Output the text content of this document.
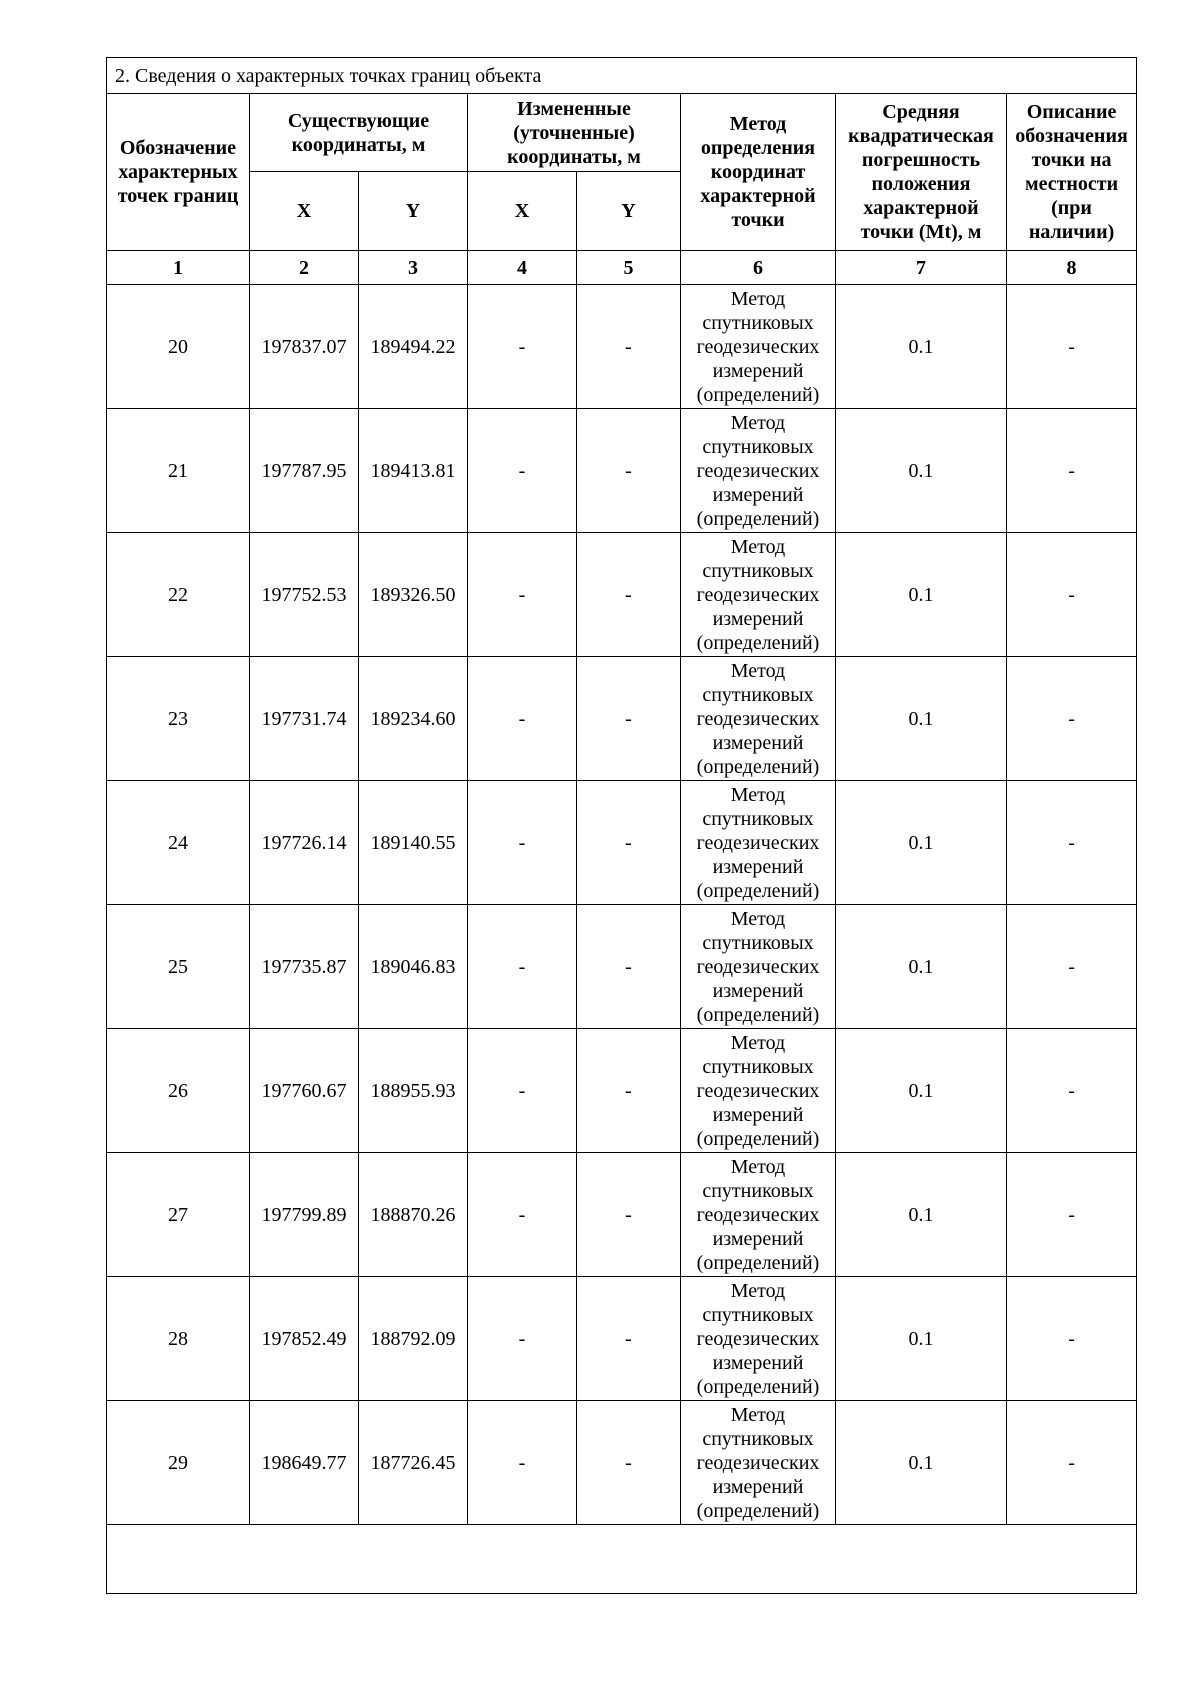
2. Сведения о характерных точках границ объекта							
Обозначение характерных точек границ	Существующие координаты, м		Измененные (уточненные) координаты, м		Метод определения координат характерной точки	Средняя квадратическая погрешность положения характерной точки (Mt), м	Описание обозначения точки на местности (при наличии)
	X	Y	X	Y			
1	2	3	4	5	6	7	8
20	197837.07	189494.22	-	-	Метод спутниковых геодезических измерений (определений)	0.1	-
21	197787.95	189413.81	-	-	Метод спутниковых геодезических измерений (определений)	0.1	-
22	197752.53	189326.50	-	-	Метод спутниковых геодезических измерений (определений)	0.1	-
23	197731.74	189234.60	-	-	Метод спутниковых геодезических измерений (определений)	0.1	-
24	197726.14	189140.55	-	-	Метод спутниковых геодезических измерений (определений)	0.1	-
25	197735.87	189046.83	-	-	Метод спутниковых геодезических измерений (определений)	0.1	-
26	197760.67	188955.93	-	-	Метод спутниковых геодезических измерений (определений)	0.1	-
27	197799.89	188870.26	-	-	Метод спутниковых геодезических измерений (определений)	0.1	-
28	197852.49	188792.09	-	-	Метод спутниковых геодезических измерений (определений)	0.1	-
29	198649.77	187726.45	-	-	Метод спутниковых геодезических измерений (определений)	0.1	-
